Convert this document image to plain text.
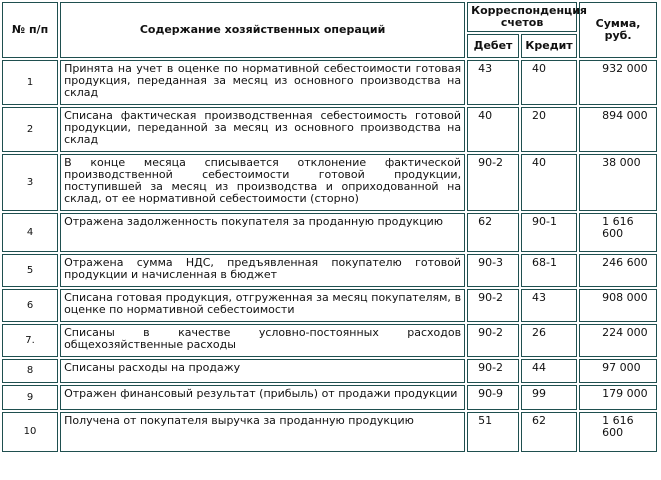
№ п/п	Содержание хозяйственных операций	Корреспонденция счетов		Сумма, руб.
		Дебет	Кредит	
1	Принята на учет в оценке по нормативной себестоимости готовая продукция, переданная за месяц из основного производства на склад	43	40	932 000
2	Списана фактическая производственная себестоимость готовой продукции, переданной за месяц из основного производства на склад	40	20	894 000
3	В конце месяца списывается отклонение фактической производственной себестоимости готовой продукции, поступившей за месяц из производства и оприходованной на склад, от ее нормативной себестоимости (сторно)	90-2	40	38 000
4	Отражена задолженность покупателя за проданную продукцию	62	90-1	1 616 600
5	Отражена сумма НДС, предъявленная покупателю готовой продукции и начисленная в бюджет	90-3	68-1	246 600
6	Списана готовая продукция, отгруженная за месяц покупателям, в оценке по нормативной себестоимости	90-2	43	908 000
7.	Списаны в качестве условно-постоянных расходов общехозяйственные расходы	90-2	26	224 000
8	Списаны расходы на продажу	90-2	44	97 000
9	Отражен финансовый результат (прибыль) от продажи продукции	90-9	99	179 000
10	Получена от покупателя выручка за проданную продукцию	51	62	1 616 600
